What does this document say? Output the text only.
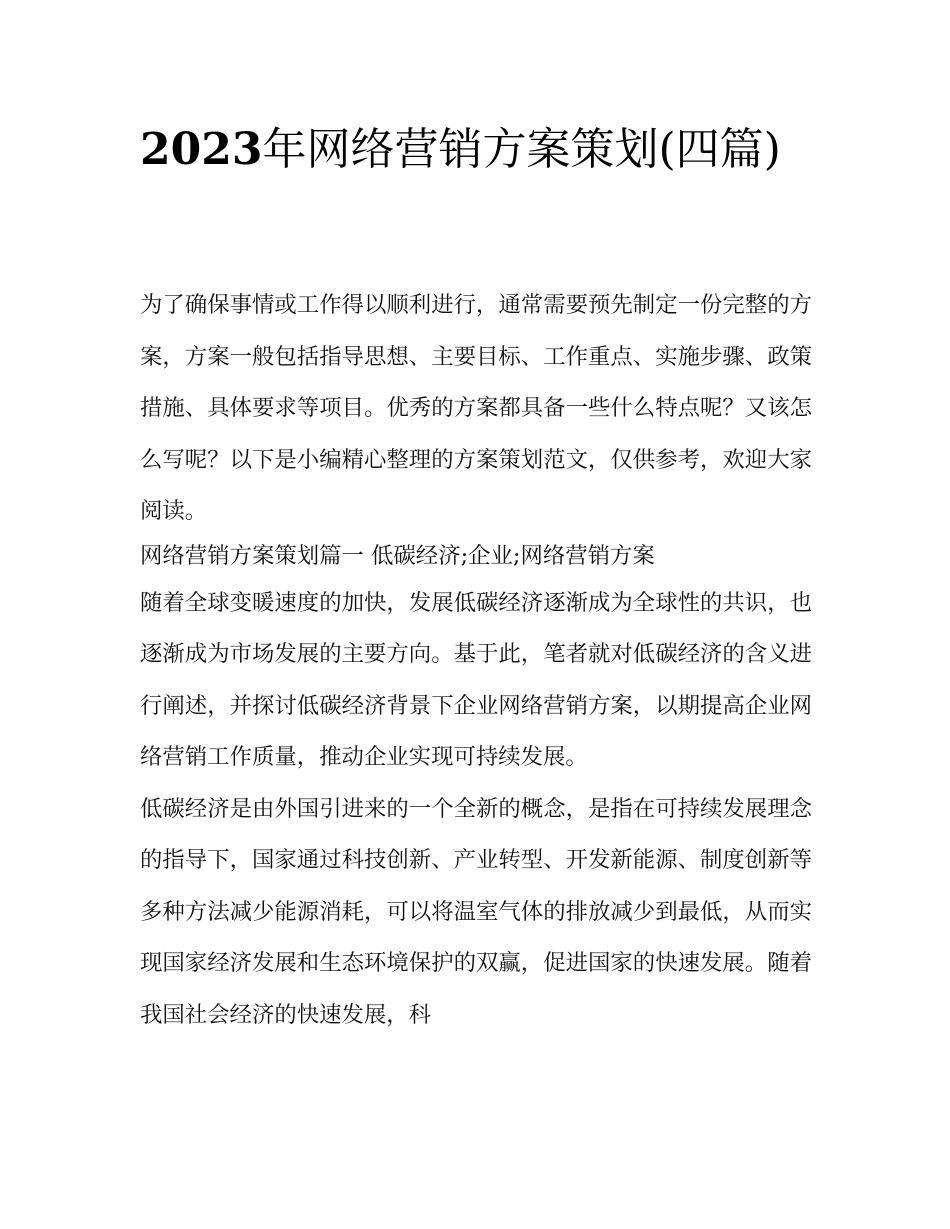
2023年网络营销方案策划(四篇)

为了确保事情或工作得以顺利进行，通常需要预先制定一份完整的方案，方案一般包括指导思想、主要目标、工作重点、实施步骤、政策措施、具体要求等项目。优秀的方案都具备一些什么特点呢？又该怎么写呢？以下是小编精心整理的方案策划范文，仅供参考，欢迎大家阅读。

网络营销方案策划篇一 低碳经济;企业;网络营销方案

随着全球变暖速度的加快，发展低碳经济逐渐成为全球性的共识，也逐渐成为市场发展的主要方向。基于此，笔者就对低碳经济的含义进行阐述，并探讨低碳经济背景下企业网络营销方案，以期提高企业网络营销工作质量，推动企业实现可持续发展。

低碳经济是由外国引进来的一个全新的概念，是指在可持续发展理念的指导下，国家通过科技创新、产业转型、开发新能源、制度创新等多种方法减少能源消耗，可以将温室气体的排放减少到最低，从而实现国家经济发展和生态环境保护的双赢，促进国家的快速发展。随着我国社会经济的快速发展，科
